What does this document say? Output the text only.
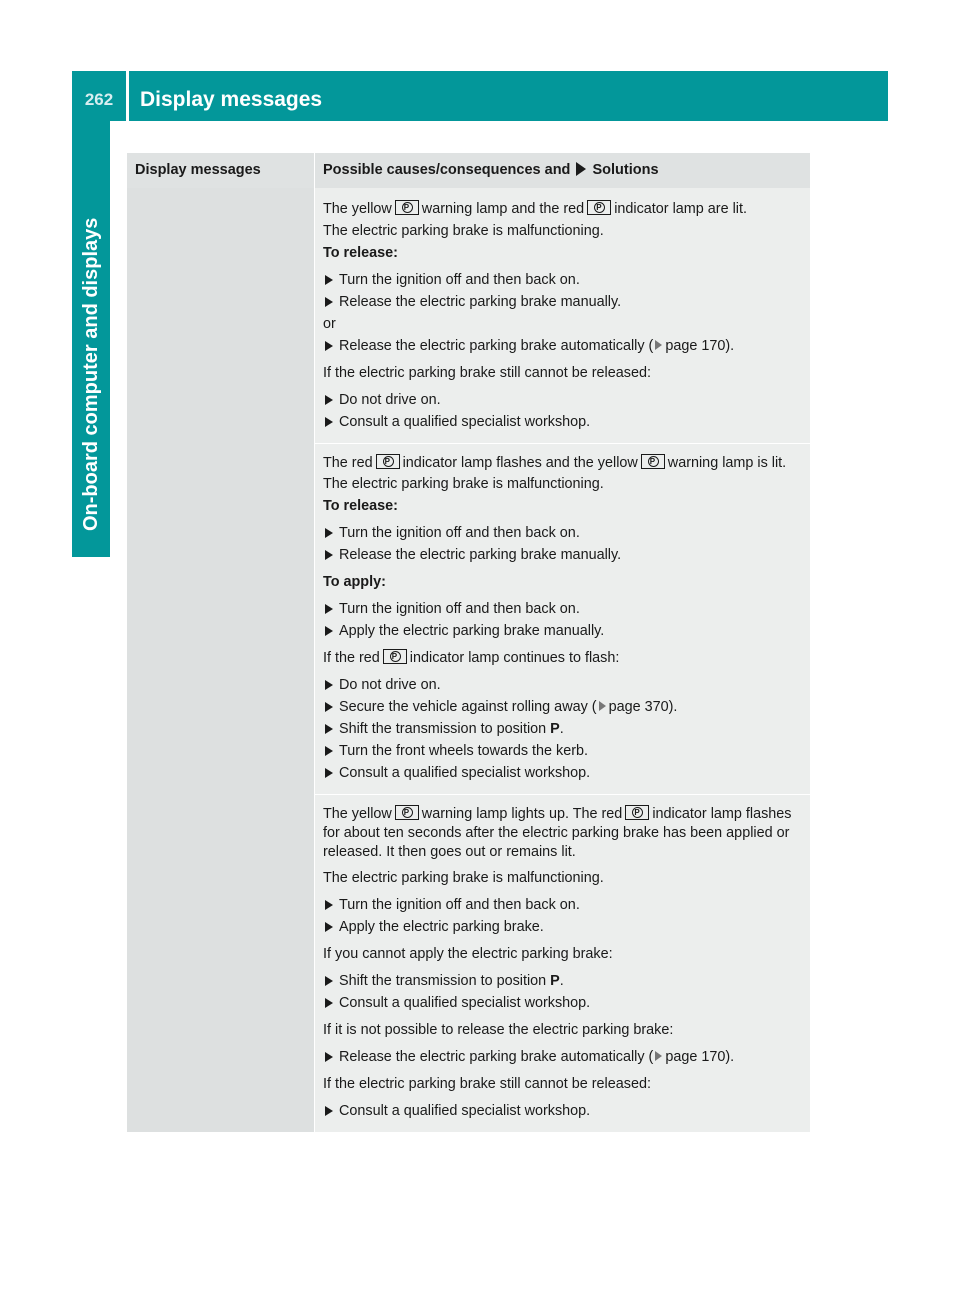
262	Display messages
On-board computer and displays
Display messages	Possible causes/consequences and Solutions

The yellow P warning lamp and the red P indicator lamp are lit.

The electric parking brake is malfunctioning.

To release:

Turn the ignition off and then back on.

Release the electric parking brake manually.

or

Release the electric parking brake automatically ( page 170).

If the electric parking brake still cannot be released:

Do not drive on.

Consult a qualified specialist workshop.

The red P indicator lamp flashes and the yellow P warning lamp is lit.

The electric parking brake is malfunctioning.

To release:

Turn the ignition off and then back on.

Release the electric parking brake manually.

To apply:

Turn the ignition off and then back on.

Apply the electric parking brake manually.

If the red P indicator lamp continues to flash:

Do not drive on.

Secure the vehicle against rolling away ( page 370).

Shift the transmission to position P.

Turn the front wheels towards the kerb.

Consult a qualified specialist workshop.

The yellow P warning lamp lights up. The red P indicator lamp flashes for about ten seconds after the electric parking brake has been applied or released. It then goes out or remains lit.

The electric parking brake is malfunctioning.

Turn the ignition off and then back on.

Apply the electric parking brake.

If you cannot apply the electric parking brake:

Shift the transmission to position P.

Consult a qualified specialist workshop.

If it is not possible to release the electric parking brake:

Release the electric parking brake automatically ( page 170).

If the electric parking brake still cannot be released:

Consult a qualified specialist workshop.
